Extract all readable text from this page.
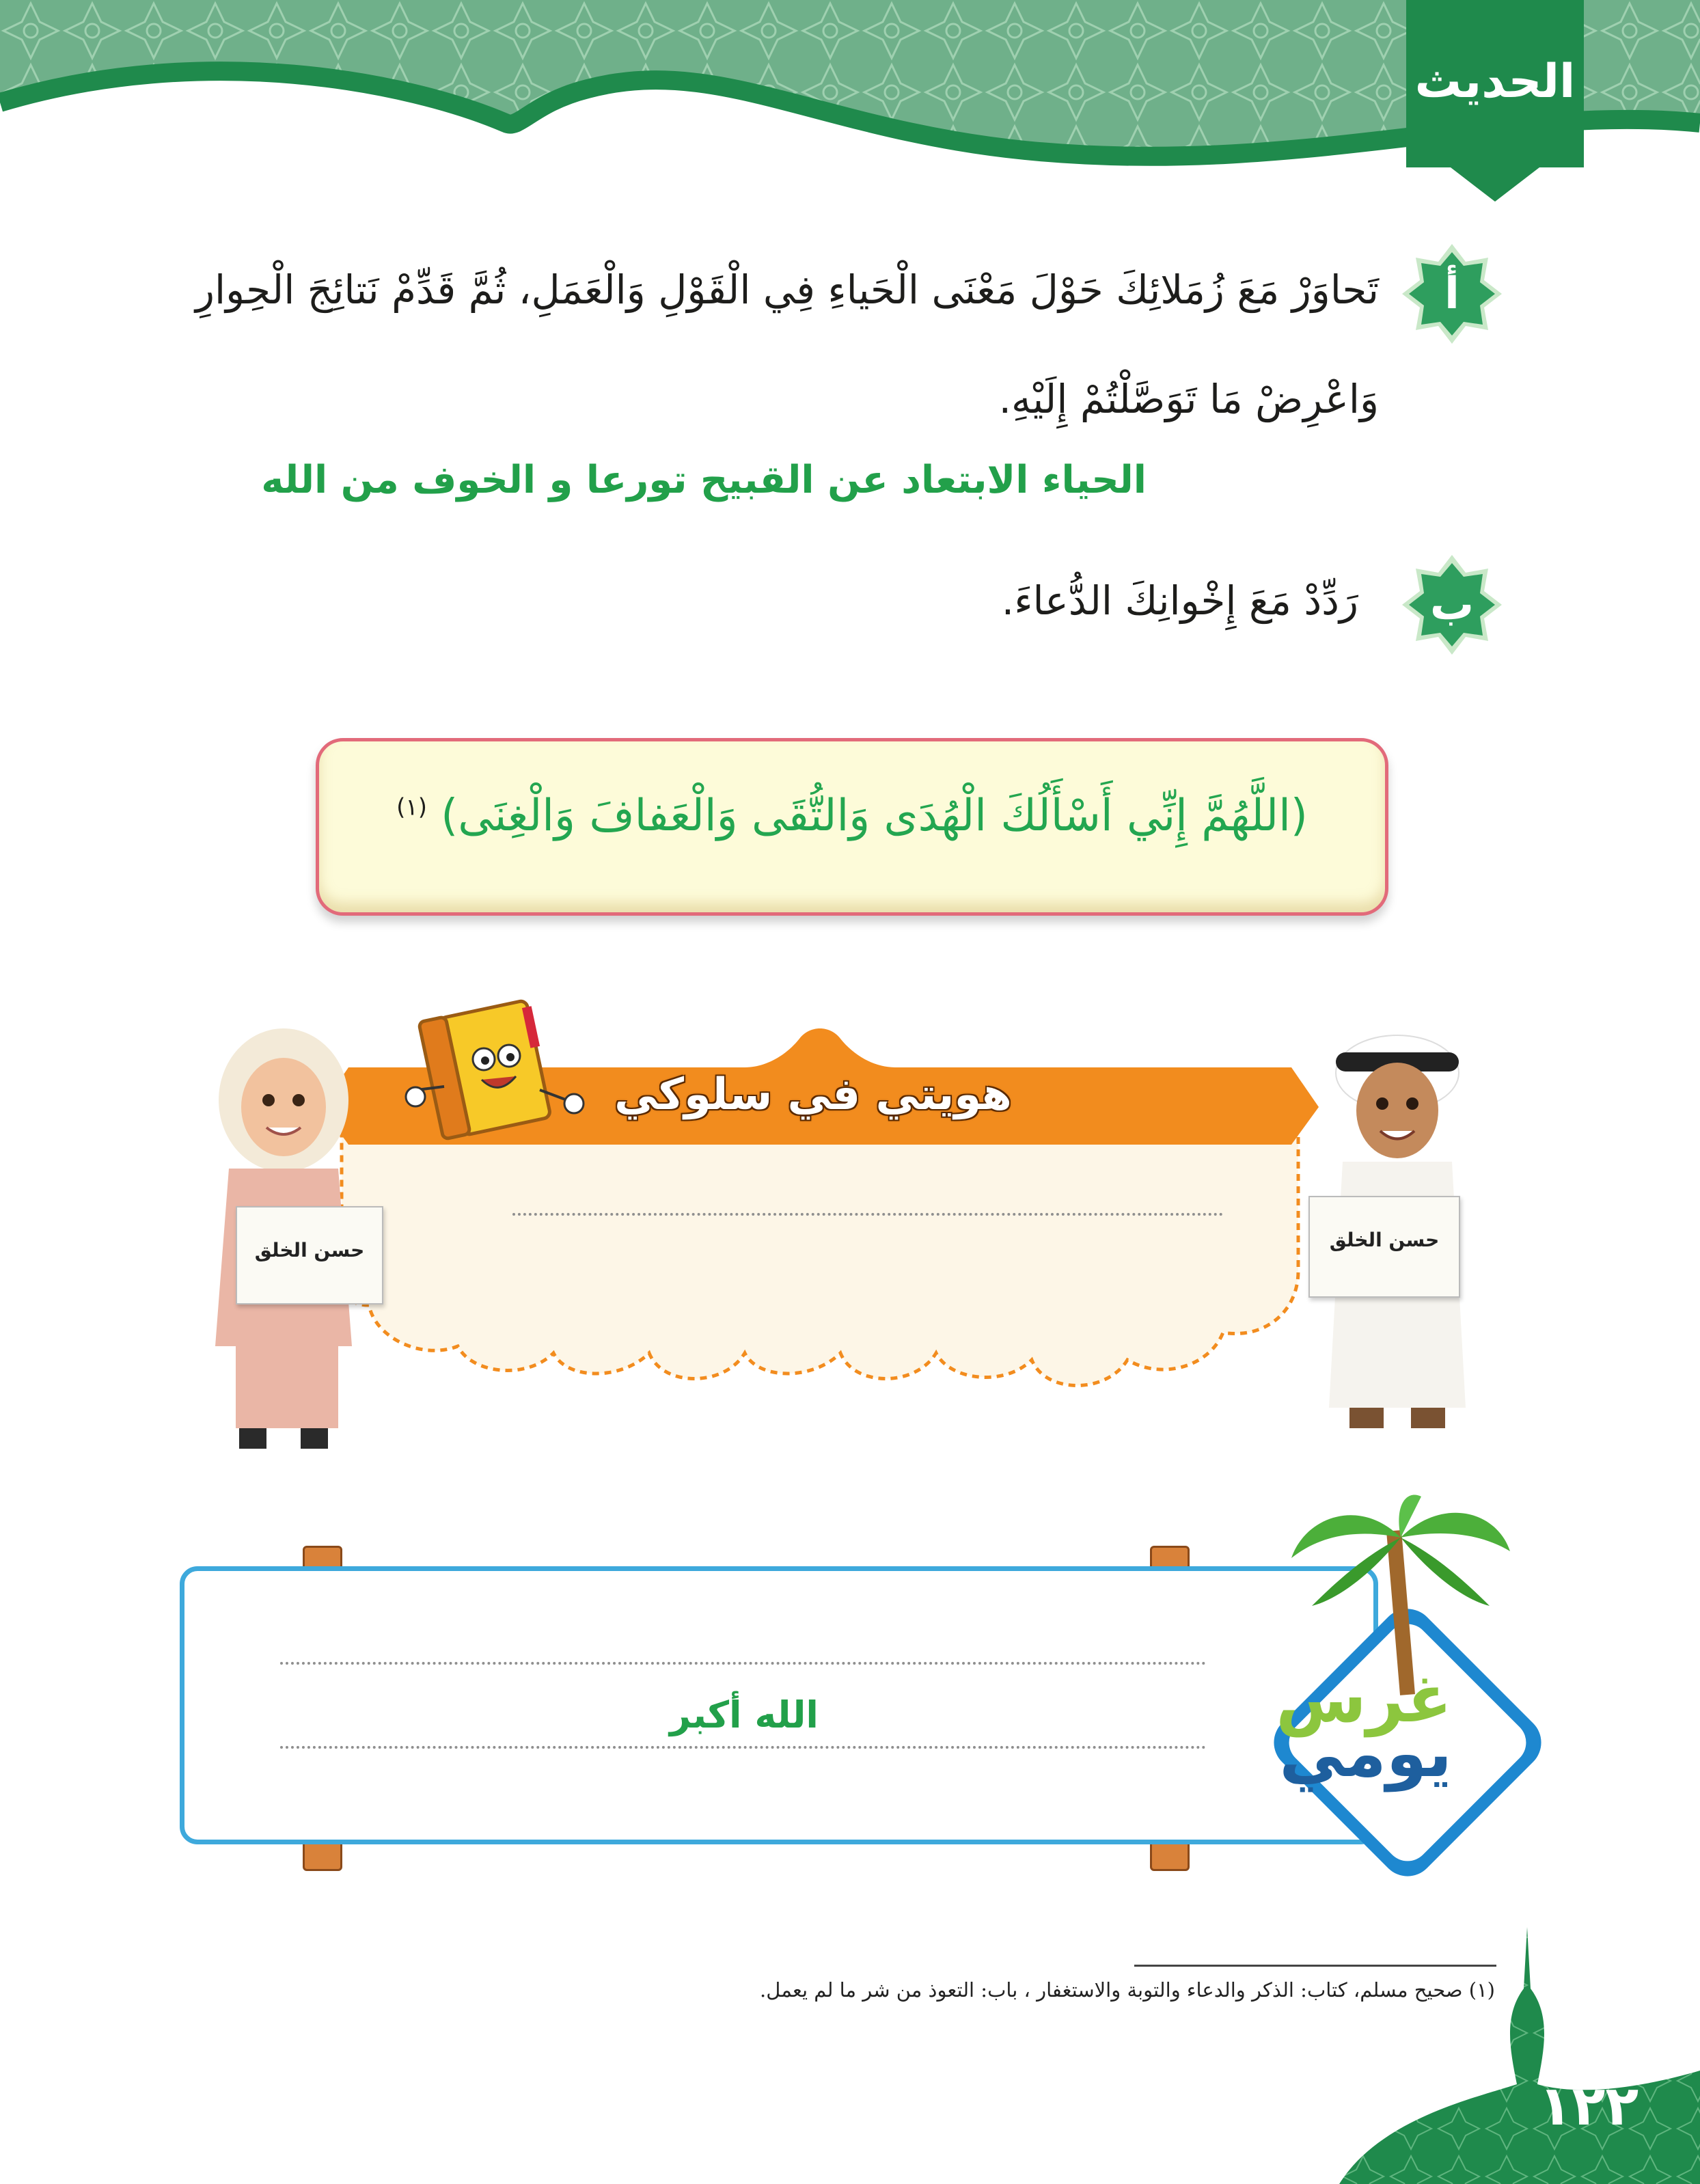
الحديث
أ
تَحاوَرْ مَعَ زُمَلائِكَ حَوْلَ مَعْنَى الْحَياءِ فِي الْقَوْلِ وَالْعَمَلِ، ثُمَّ قَدِّمْ نَتائِجَ الْحِوارِ
وَاعْرِضْ مَا تَوَصَّلْتُمْ إِلَيْهِ.
الحياء الابتعاد عن القبيح تورعا و الخوف من الله
ب
رَدِّدْ مَعَ إِخْوانِكَ الدُّعاءَ.
(اللَّهُمَّ إِنِّي أَسْأَلُكَ الْهُدَى وَالتُّقَى وَالْعَفافَ وَالْغِنَى) $^{(١)}$
هويتي في سلوكي
حسن الخلق	حسن الخلق
الله أكبر	غرس
يومي
(١) صحيح مسلم، كتاب: الذكر والدعاء والتوبة والاستغفار ، باب: التعوذ من شر ما لم يعمل.
١٢٢
